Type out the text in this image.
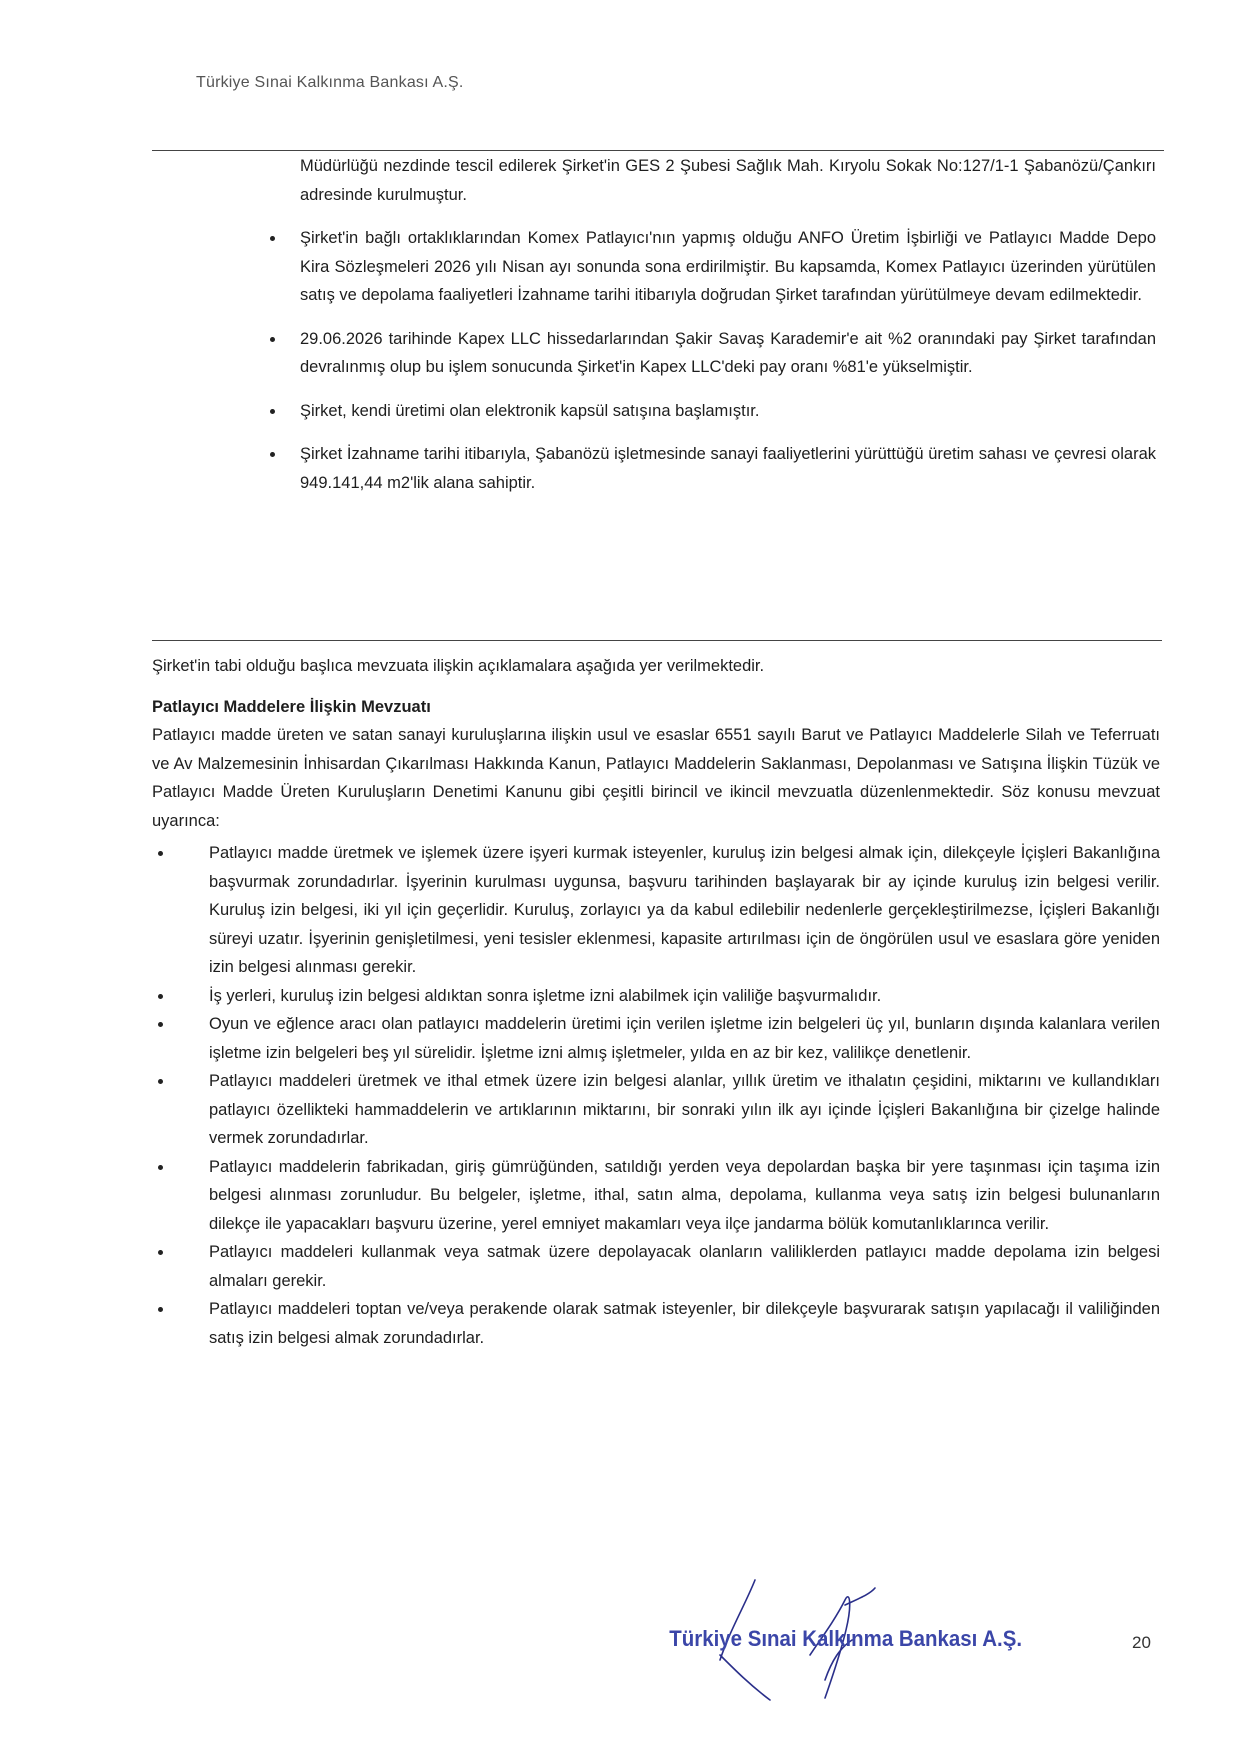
Türkiye Sınai Kalkınma Bankası A.Ş.

Müdürlüğü nezdinde tescil edilerek Şirket'in GES 2 Şubesi Sağlık Mah. Kıryolu Sokak No:127/1-1 Şabanözü/Çankırı adresinde kurulmuştur.

Şirket'in bağlı ortaklıklarından Komex Patlayıcı'nın yapmış olduğu ANFO Üretim İşbirliği ve Patlayıcı Madde Depo Kira Sözleşmeleri 2026 yılı Nisan ayı sonunda sona erdirilmiştir. Bu kapsamda, Komex Patlayıcı üzerinden yürütülen satış ve depolama faaliyetleri İzahname tarihi itibarıyla doğrudan Şirket tarafından yürütülmeye devam edilmektedir.
29.06.2026 tarihinde Kapex LLC hissedarlarından Şakir Savaş Karademir'e ait %2 oranındaki pay Şirket tarafından devralınmış olup bu işlem sonucunda Şirket'in Kapex LLC'deki pay oranı %81'e yükselmiştir.
Şirket, kendi üretimi olan elektronik kapsül satışına başlamıştır.
Şirket İzahname tarihi itibarıyla, Şabanözü işletmesinde sanayi faaliyetlerini yürüttüğü üretim sahası ve çevresi olarak 949.141,44 m2'lik alana sahiptir.

Şirket'in tabi olduğu başlıca mevzuata ilişkin açıklamalara aşağıda yer verilmektedir.

Patlayıcı Maddelere İlişkin Mevzuatı

Patlayıcı madde üreten ve satan sanayi kuruluşlarına ilişkin usul ve esaslar 6551 sayılı Barut ve Patlayıcı Maddelerle Silah ve Teferruatı ve Av Malzemesinin İnhisardan Çıkarılması Hakkında Kanun, Patlayıcı Maddelerin Saklanması, Depolanması ve Satışına İlişkin Tüzük ve Patlayıcı Madde Üreten Kuruluşların Denetimi Kanunu gibi çeşitli birincil ve ikincil mevzuatla düzenlenmektedir. Söz konusu mevzuat uyarınca:

Patlayıcı madde üretmek ve işlemek üzere işyeri kurmak isteyenler, kuruluş izin belgesi almak için, dilekçeyle İçişleri Bakanlığına başvurmak zorundadırlar. İşyerinin kurulması uygunsa, başvuru tarihinden başlayarak bir ay içinde kuruluş izin belgesi verilir. Kuruluş izin belgesi, iki yıl için geçerlidir. Kuruluş, zorlayıcı ya da kabul edilebilir nedenlerle gerçekleştirilmezse, İçişleri Bakanlığı süreyi uzatır. İşyerinin genişletilmesi, yeni tesisler eklenmesi, kapasite artırılması için de öngörülen usul ve esaslara göre yeniden izin belgesi alınması gerekir.
İş yerleri, kuruluş izin belgesi aldıktan sonra işletme izni alabilmek için valiliğe başvurmalıdır.
Oyun ve eğlence aracı olan patlayıcı maddelerin üretimi için verilen işletme izin belgeleri üç yıl, bunların dışında kalanlara verilen işletme izin belgeleri beş yıl sürelidir. İşletme izni almış işletmeler, yılda en az bir kez, valilikçe denetlenir.
Patlayıcı maddeleri üretmek ve ithal etmek üzere izin belgesi alanlar, yıllık üretim ve ithalatın çeşidini, miktarını ve kullandıkları patlayıcı özellikteki hammaddelerin ve artıklarının miktarını, bir sonraki yılın ilk ayı içinde İçişleri Bakanlığına bir çizelge halinde vermek zorundadırlar.
Patlayıcı maddelerin fabrikadan, giriş gümrüğünden, satıldığı yerden veya depolardan başka bir yere taşınması için taşıma izin belgesi alınması zorunludur. Bu belgeler, işletme, ithal, satın alma, depolama, kullanma veya satış izin belgesi bulunanların dilekçe ile yapacakları başvuru üzerine, yerel emniyet makamları veya ilçe jandarma bölük komutanlıklarınca verilir.
Patlayıcı maddeleri kullanmak veya satmak üzere depolayacak olanların valiliklerden patlayıcı madde depolama izin belgesi almaları gerekir.
Patlayıcı maddeleri toptan ve/veya perakende olarak satmak isteyenler, bir dilekçeyle başvurarak satışın yapılacağı il valiliğinden satış izin belgesi almak zorundadırlar.
Türkiye Sınai Kalkınma Bankası A.Ş.	20
